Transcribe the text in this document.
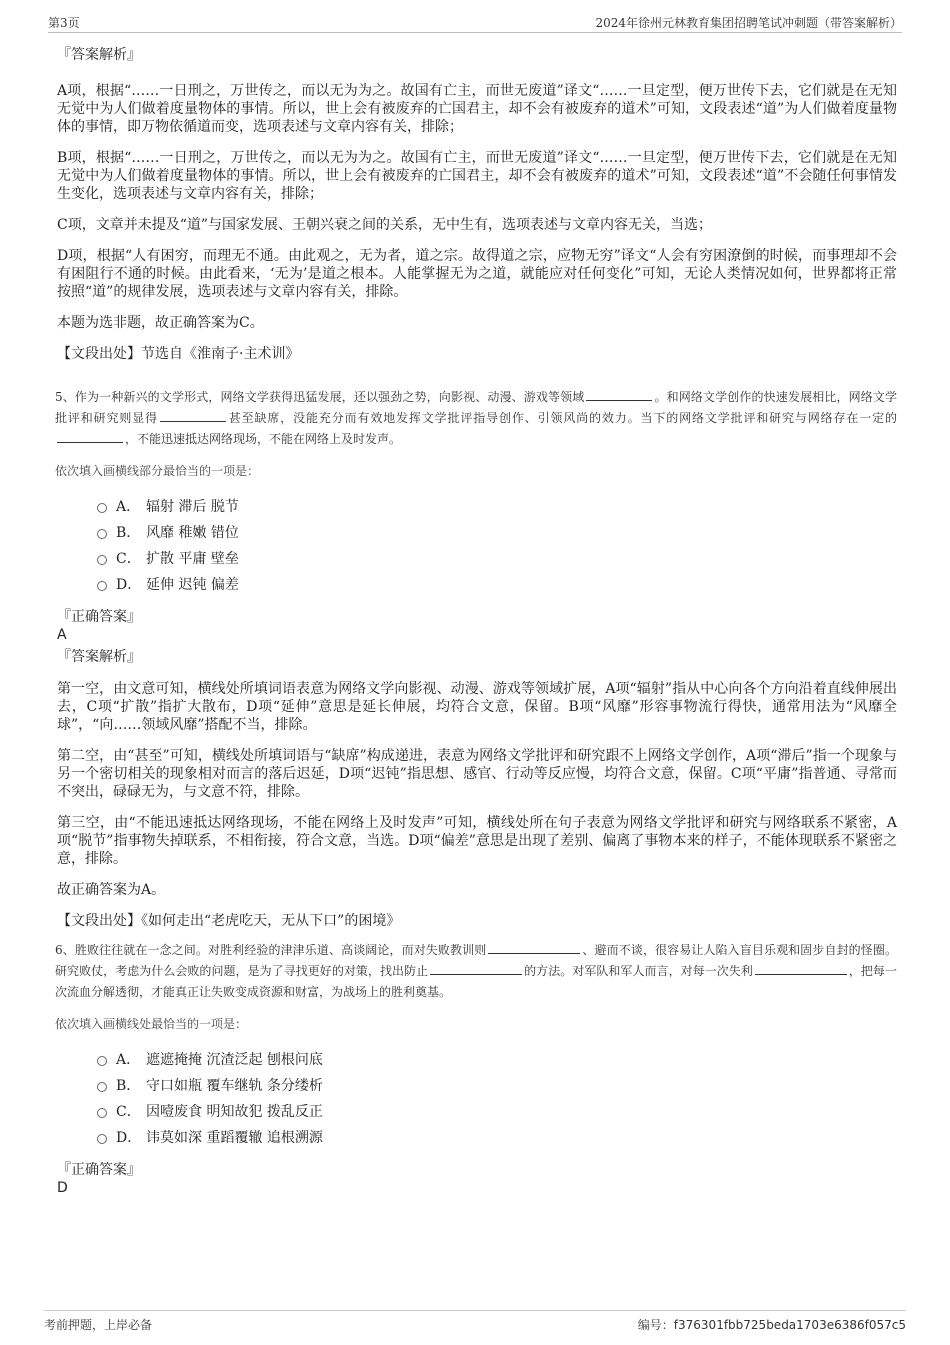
第3页	2024年徐州元林教育集团招聘笔试冲刺题（带答案解析）

『答案解析』

A项，根据“……一日刑之，万世传之，而以无为为之。故国有亡主，而世无废道”译文“……一旦定型，便万世传下去，它们就是在无知无觉中为人们做着度量物体的事情。所以，世上会有被废弃的亡国君主，却不会有被废弃的道术”可知，文段表述“道”为人们做着度量物体的事情，即万物依循道而变，选项表述与文章内容有关，排除；

B项，根据“……一日刑之，万世传之，而以无为为之。故国有亡主，而世无废道”译文“……一旦定型，便万世传下去，它们就是在无知无觉中为人们做着度量物体的事情。所以，世上会有被废弃的亡国君主，却不会有被废弃的道术”可知，文段表述“道”不会随任何事情发生变化，选项表述与文章内容有关，排除；

C项，文章并未提及“道”与国家发展、王朝兴衰之间的关系，无中生有，选项表述与文章内容无关，当选；

D项，根据“人有困穷，而理无不通。由此观之，无为者，道之宗。故得道之宗，应物无穷”译文“人会有穷困潦倒的时候，而事理却不会有困阻行不通的时候。由此看来，‘无为’是道之根本。人能掌握无为之道，就能应对任何变化”可知，无论人类情况如何，世界都将正常按照“道”的规律发展，选项表述与文章内容有关，排除。

本题为选非题，故正确答案为C。

【文段出处】节选自《淮南子·主术训》

5、作为一种新兴的文学形式，网络文学获得迅猛发展，还以强劲之势，向影视、动漫、游戏等领域	。和网络文学创作的快速发展相比，网络文学批评和研究则显得	甚至缺席，没能充分而有效地发挥文学批评指导创作、引领风尚的效力。当下的网络文学批评和研究与网络存在一定的，不能迅速抵达网络现场，不能在网络上及时发声。

依次填入画横线部分最恰当的一项是：

A． 辐射 滞后 脱节
B． 风靡 稚嫩 错位
C． 扩散 平庸 壁垒
D． 延伸 迟钝 偏差

『正确答案』

A

『答案解析』

第一空，由文意可知，横线处所填词语表意为网络文学向影视、动漫、游戏等领域扩展，A项“辐射”指从中心向各个方向沿着直线伸展出去，C项“扩散”指扩大散布，D项“延伸”意思是延长伸展，均符合文意，保留。B项“风靡”形容事物流行得快，通常用法为“风靡全球”，“向……领域风靡”搭配不当，排除。

第二空，由“甚至”可知，横线处所填词语与“缺席”构成递进，表意为网络文学批评和研究跟不上网络文学创作，A项“滞后”指一个现象与另一个密切相关的现象相对而言的落后迟延，D项“迟钝”指思想、感官、行动等反应慢，均符合文意，保留。C项“平庸”指普通、寻常而不突出，碌碌无为，与文意不符，排除。

第三空，由“不能迅速抵达网络现场，不能在网络上及时发声”可知，横线处所在句子表意为网络文学批评和研究与网络联系不紧密，A项“脱节”指事物失掉联系，不相衔接，符合文意，当选。D项“偏差”意思是出现了差别、偏离了事物本来的样子，不能体现联系不紧密之意，排除。

故正确答案为A。

【文段出处】《如何走出“老虎吃天，无从下口”的困境》

6、胜败往往就在一念之间。对胜利经验的津津乐道、高谈阔论，而对失败教训则	、避而不谈，很容易让人陷入盲目乐观和固步自封的怪圈。研究败仗，考虑为什么会败的问题，是为了寻找更好的对策，找出防止	的方法。对军队和军人而言，对每一次失利	，把每一次流血分解透彻，才能真正让失败变成资源和财富，为战场上的胜利奠基。

依次填入画横线处最恰当的一项是：

A． 遮遮掩掩 沉渣泛起 刨根问底
B． 守口如瓶 覆车继轨 条分缕析
C． 因噎废食 明知故犯 拨乱反正
D． 讳莫如深 重蹈覆辙 追根溯源

『正确答案』

D

考前押题，上岸必备	编号：f376301fbb725beda1703e6386f057c5
